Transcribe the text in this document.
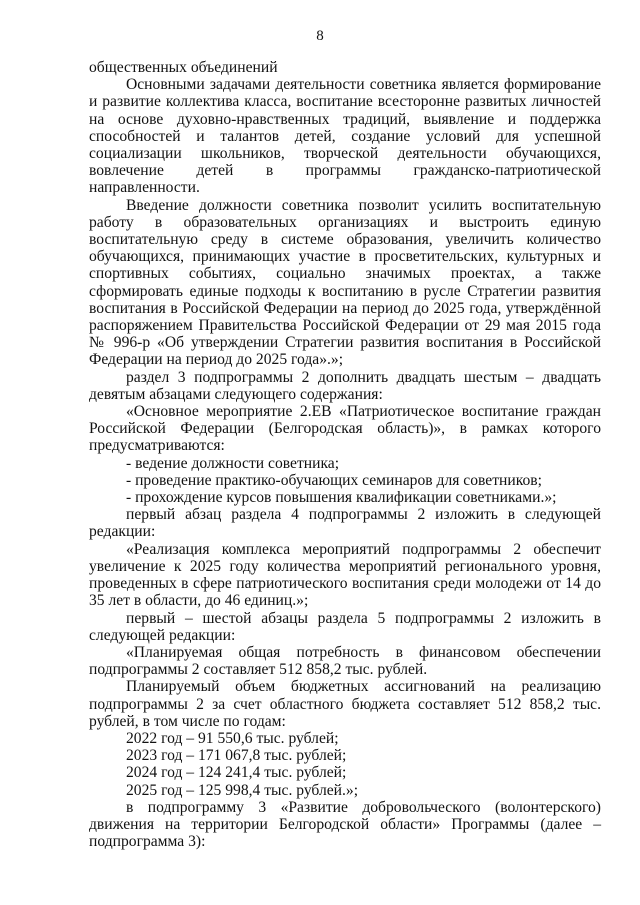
8

общественных объединений

Основными задачами деятельности советника является формирование и развитие коллектива класса, воспитание всесторонне развитых личностей на основе духовно-нравственных традиций, выявление и поддержка способностей и талантов детей, создание условий для успешной социализации школьников, творческой деятельности обучающихся, вовлечение детей в программы гражданско-патриотической направленности.

Введение должности советника позволит усилить воспитательную работу в образовательных организациях и выстроить единую воспитательную среду в системе образования, увеличить количество обучающихся, принимающих участие в просветительских, культурных и спортивных событиях, социально значимых проектах, а также сформировать единые подходы к воспитанию в русле Стратегии развития воспитания в Российской Федерации на период до 2025 года, утверждённой распоряжением Правительства Российской Федерации от 29 мая 2015 года № 996-р «Об утверждении Стратегии развития воспитания в Российской Федерации на период до 2025 года».»;

раздел 3 подпрограммы 2 дополнить двадцать шестым – двадцать девятым абзацами следующего содержания:

«Основное мероприятие 2.ЕВ «Патриотическое воспитание граждан Российской Федерации (Белгородская область)», в рамках которого предусматриваются:

- ведение должности советника;

- проведение практико-обучающих семинаров для советников;

- прохождение курсов повышения квалификации советниками.»;

первый абзац раздела 4 подпрограммы 2 изложить в следующей редакции:

«Реализация комплекса мероприятий подпрограммы 2 обеспечит увеличение к 2025 году количества мероприятий регионального уровня, проведенных в сфере патриотического воспитания среди молодежи от 14 до 35 лет в области, до 46 единиц.»;

первый – шестой абзацы раздела 5 подпрограммы 2 изложить в следующей редакции:

«Планируемая общая потребность в финансовом обеспечении подпрограммы 2 составляет 512 858,2 тыс. рублей.

Планируемый объем бюджетных ассигнований на реализацию подпрограммы 2 за счет областного бюджета составляет 512 858,2 тыс. рублей, в том числе по годам:

2022 год – 91 550,6 тыс. рублей;

2023 год – 171 067,8 тыс. рублей;

2024 год – 124 241,4 тыс. рублей;

2025 год – 125 998,4 тыс. рублей.»;

в подпрограмму 3 «Развитие добровольческого (волонтерского) движения на территории Белгородской области» Программы (далее – подпрограмма 3):
